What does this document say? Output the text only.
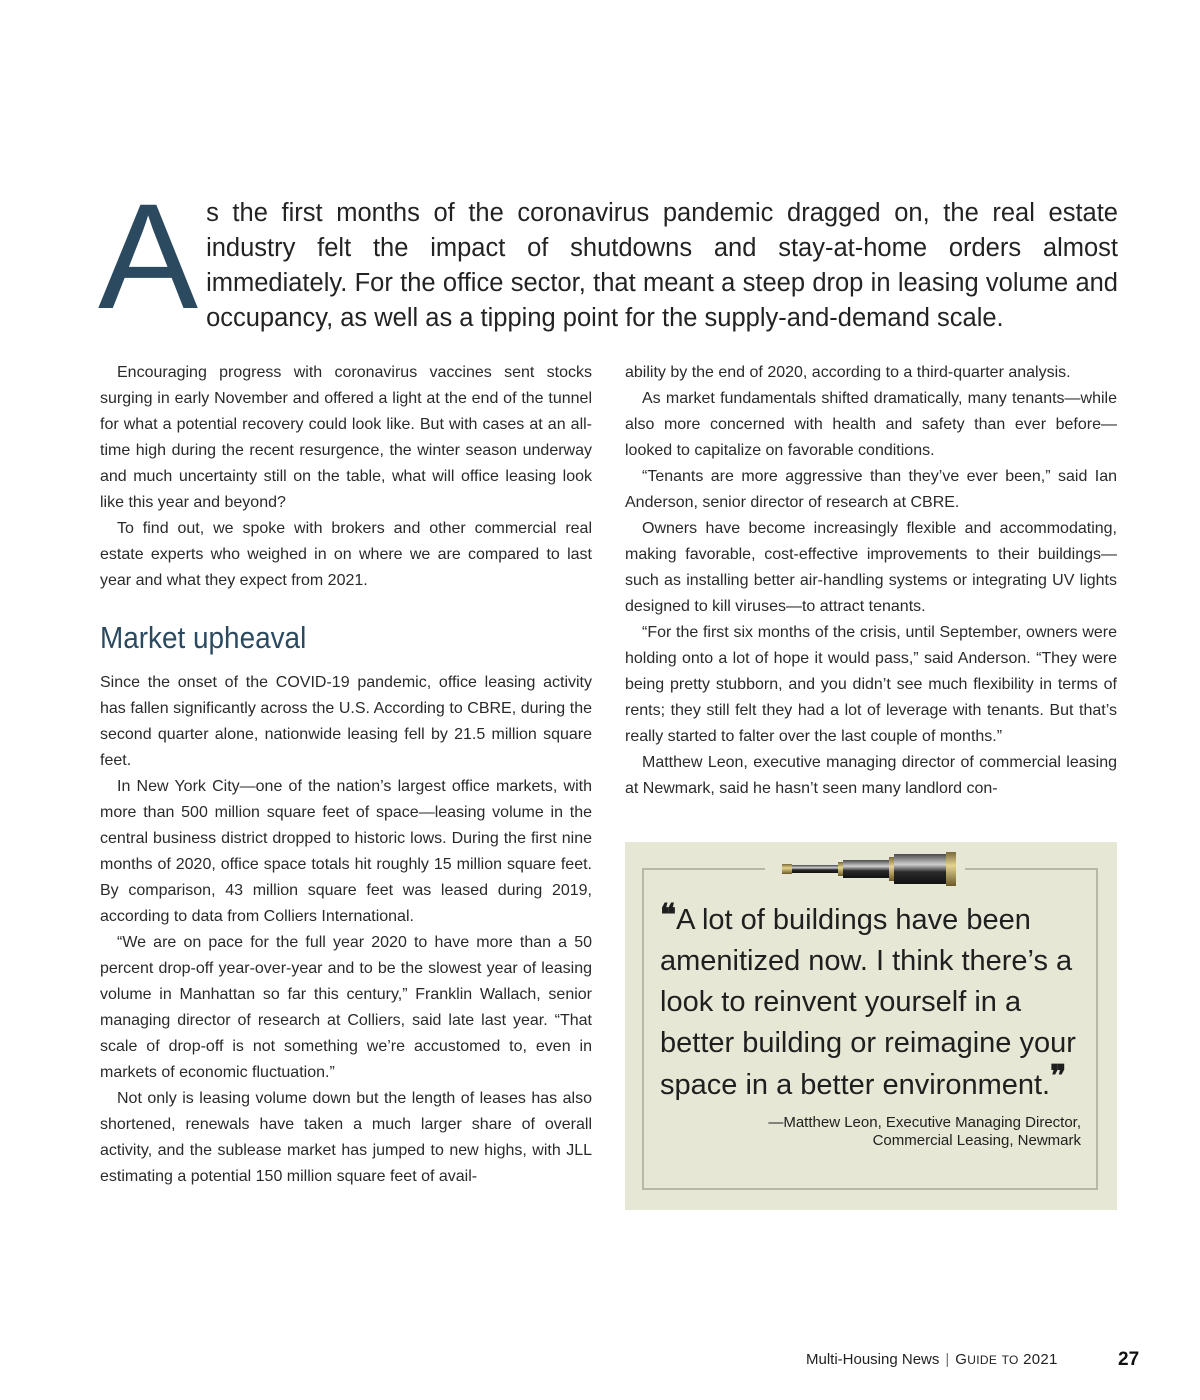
A s the first months of the coronavirus pandemic dragged on, the real estate industry felt the impact of shutdowns and stay-at-home orders almost immediately. For the office sector, that meant a steep drop in leasing volume and occupancy, as well as a tipping point for the supply-and-demand scale.

Encouraging progress with coronavirus vaccines sent stocks surging in early November and offered a light at the end of the tunnel for what a potential recovery could look like. But with cases at an all-time high during the recent resurgence, the winter season underway and much uncertainty still on the table, what will office leasing look like this year and beyond?

To find out, we spoke with brokers and other commercial real estate experts who weighed in on where we are compared to last year and what they expect from 2021.

Market upheaval

Since the onset of the COVID-19 pandemic, office leasing activity has fallen significantly across the U.S. According to CBRE, during the second quarter alone, nationwide leasing fell by 21.5 million square feet.

In New York City—one of the nation’s largest office markets, with more than 500 million square feet of space—leasing volume in the central business district dropped to historic lows. During the first nine months of 2020, office space totals hit roughly 15 million square feet. By comparison, 43 million square feet was leased during 2019, according to data from Colliers International.

“We are on pace for the full year 2020 to have more than a 50 percent drop-off year-over-year and to be the slowest year of leasing volume in Manhattan so far this century,” Franklin Wallach, senior managing director of research at Colliers, said late last year. “That scale of drop-off is not something we’re accustomed to, even in markets of economic fluctuation.”

Not only is leasing volume down but the length of leases has also shortened, renewals have taken a much larger share of overall activity, and the sublease market has jumped to new highs, with JLL estimating a potential 150 million square feet of avail-

ability by the end of 2020, according to a third-quarter analysis.

As market fundamentals shifted dramatically, many tenants—while also more concerned with health and safety than ever before—looked to capitalize on favorable conditions.

“Tenants are more aggressive than they’ve ever been,” said Ian Anderson, senior director of research at CBRE.

Owners have become increasingly flexible and accommodating, making favorable, cost-effective improvements to their buildings—such as installing better air-handling systems or integrating UV lights designed to kill viruses—to attract tenants.

“For the first six months of the crisis, until September, owners were holding onto a lot of hope it would pass,” said Anderson. “They were being pretty stubborn, and you didn’t see much flexibility in terms of rents; they still felt they had a lot of leverage with tenants. But that’s really started to falter over the last couple of months.”

Matthew Leon, executive managing director of commercial leasing at Newmark, said he hasn’t seen many landlord con-

❝A lot of buildings have been amenitized now. I think there’s a look to reinvent yourself in a better building or reimagine your space in a better environment.❞
—Matthew Leon, Executive Managing Director,
Commercial Leasing, Newmark
Multi-Housing News | GUIDE TO 2021	27
